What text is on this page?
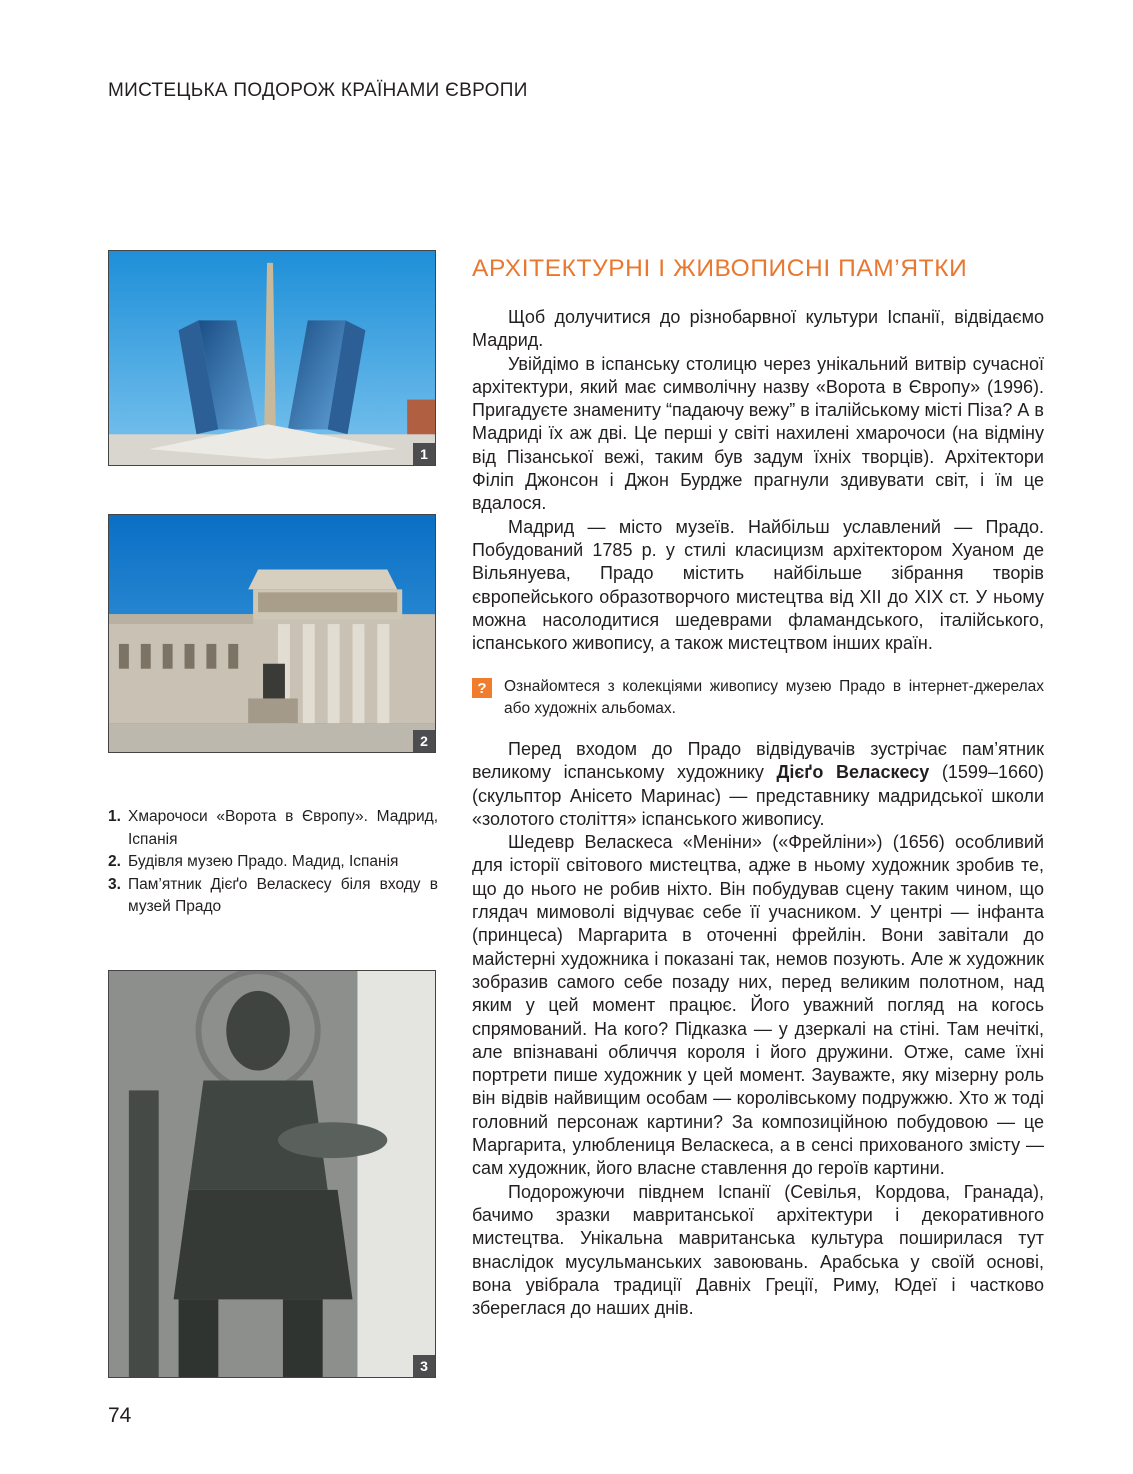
МИСТЕЦЬКА ПОДОРОЖ КРАЇНАМИ ЄВРОПИ
1
2
1. Хмарочоси «Ворота в Європу». Мадрид, Іспанія
2. Будівля музею Прадо. Мадид, Іспанія
3. Пам’ятник Дієґо Веласкесу біля входу в музей Прадо
3
АРХІТЕКТУРНІ І ЖИВОПИСНІ ПАМ’ЯТКИ

Щоб долучитися до різнобарвної культури Іспанії, відвідаємо Мадрид.

Увійдімо в іспанську столицю через унікальний витвір сучасної архітектури, який має символічну назву «Ворота в Європу» (1996). Пригадуєте знамениту “падаючу вежу” в італійському місті Піза? А в Мадриді їх аж дві. Це перші у світі нахилені хмарочоси (на відміну від Пізанської вежі, таким був задум їхніх творців). Архітектори Філіп Джонсон і Джон Бурдже прагнули здивувати світ, і їм це вдалося.

Мадрид — місто музеїв. Найбільш уславлений — Прадо. Побудований 1785 р. у стилі класицизм архітектором Хуаном де Вільянуева, Прадо містить найбільше зібрання творів європейського образотворчого мистецтва від XII до XIX ст. У ньому можна насолодитися шедеврами фламандського, італійського, іспанського живопису, а також мистецтвом інших країн.

?	Ознайомтеся з колекціями живопису музею Прадо в інтернет-джерелах або художніх альбомах.

Перед входом до Прадо відвідувачів зустрічає пам’ятник великому іспанському художнику Дієґо Веласкесу (1599–1660) (скульптор Анісето Маринас) — представнику мадридської школи «золотого століття» іспанського живопису.

Шедевр Веласкеса «Меніни» («Фрейліни») (1656) особливий для історії світового мистецтва, адже в ньому художник зробив те, що до нього не робив ніхто. Він побудував сцену таким чином, що глядач мимоволі відчуває себе її учасником. У центрі — інфанта (принцеса) Маргарита в оточенні фрейлін. Вони завітали до майстерні художника і показані так, немов позують. Але ж художник зобразив самого себе позаду них, перед великим полотном, над яким у цей момент працює. Його уважний погляд на когось спрямований. На кого? Підказка — у дзеркалі на стіні. Там нечіткі, але впізнавані обличчя короля і його дружини. Отже, саме їхні портрети пише художник у цей момент. Зауважте, яку мізерну роль він відвів найвищим особам — королівському подружжю. Хто ж тоді головний персонаж картини? За композиційною побудовою — це Маргарита, улюблениця Веласкеса, а в сенсі прихованого змісту — сам художник, його власне ставлення до героїв картини.

Подорожуючи півднем Іспанії (Севілья, Кордова, Гранада), бачимо зразки мавританської архітектури і декоративного мистецтва. Унікальна мавританська культура поширилася тут внаслідок мусульманських завоювань. Арабська у своїй основі, вона увібрала традиції Давніх Греції, Риму, Юдеї і частково збереглася до наших днів.

74
